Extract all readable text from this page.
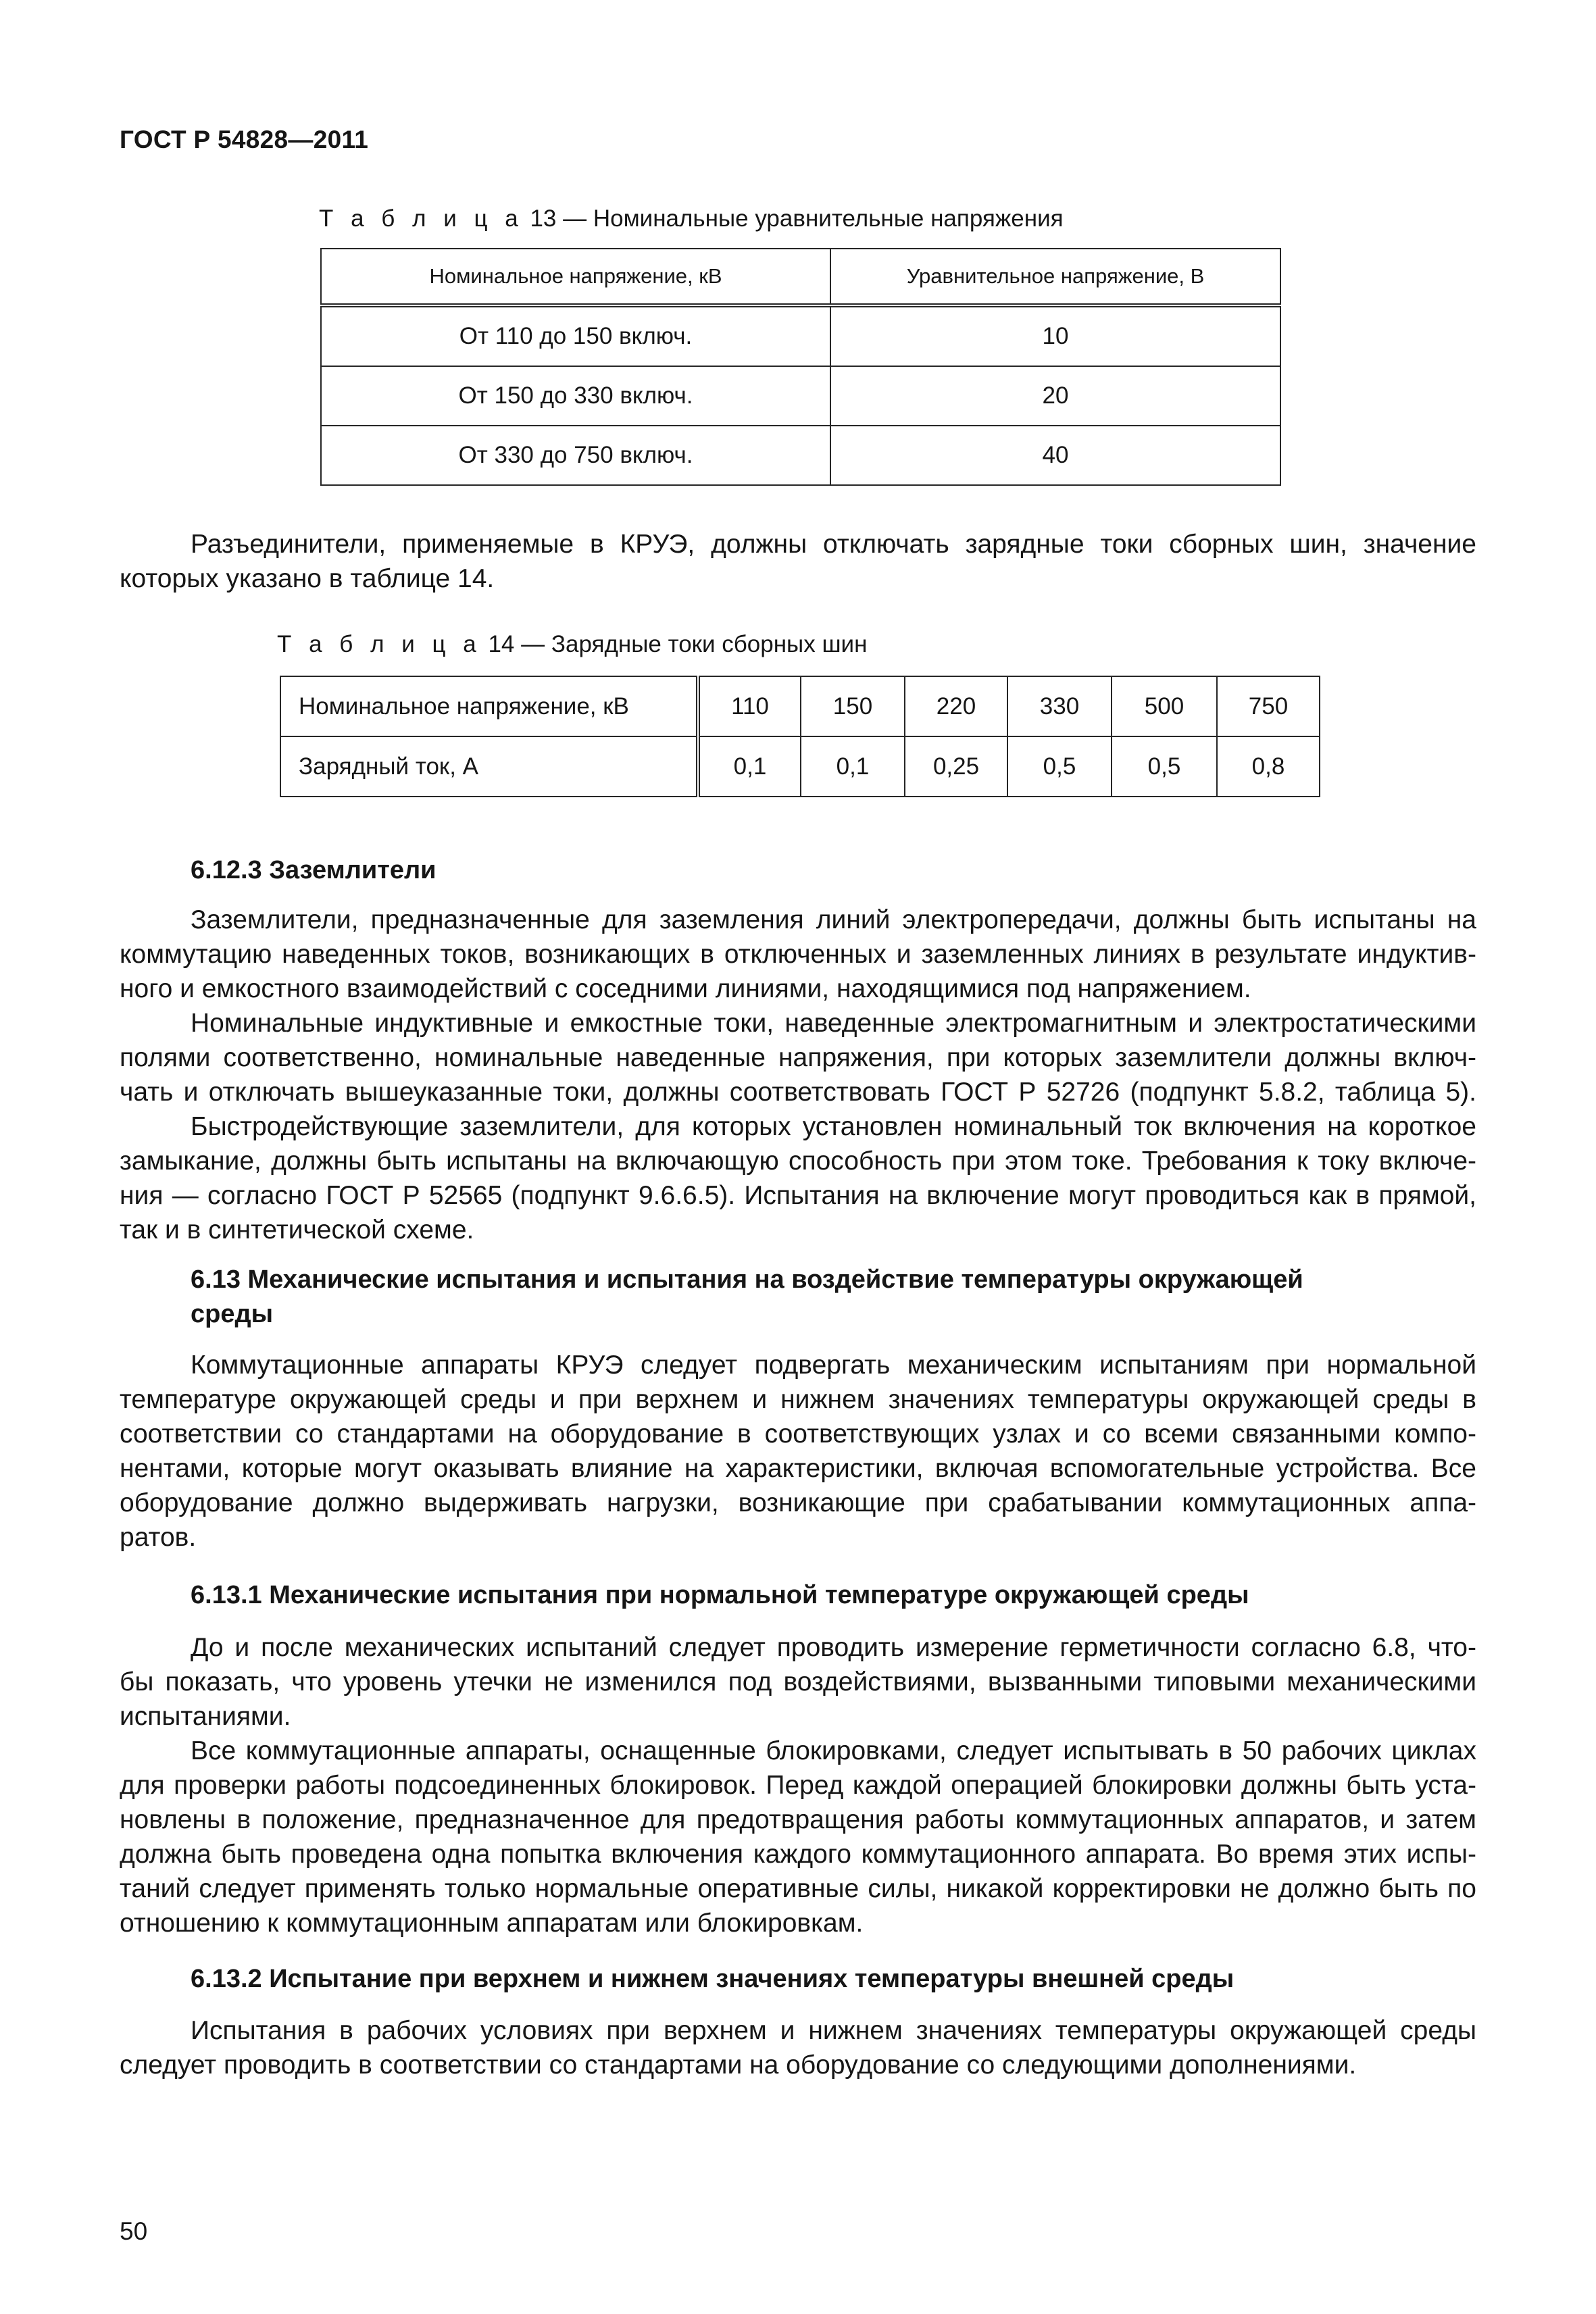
ГОСТ Р 54828—2011
Т а б л и ц а 13 — Номинальные уравнительные напряжения
Номинальное напряжение, кВ	Уравнительное напряжение, В
От 110 до 150 включ.	10
От 150 до 330 включ.	20
От 330 до 750 включ.	40
Разъединители, применяемые в КРУЭ, должны отключать зарядные токи сборных шин, значение
которых указано в таблице 14.
Т а б л и ц а 14 — Зарядные токи сборных шин
Номинальное напряжение, кВ	110	150	220	330	500	750
Зарядный ток, А	0,1	0,1	0,25	0,5	0,5	0,8
6.12.3 Заземлители
Заземлители, предназначенные для заземления линий электропередачи, должны быть испытаны на
коммутацию наведенных токов, возникающих в отключенных и заземленных линиях в результате индуктив-
ного и емкостного взаимодействий с соседними линиями, находящимися под напряжением.
Номинальные индуктивные и емкостные токи, наведенные электромагнитным и электростатическими
полями соответственно, номинальные наведенные напряжения, при которых заземлители должны включ-
чать и отключать вышеуказанные токи, должны соответствовать ГОСТ Р 52726 (подпункт 5.8.2, таблица 5).
Быстродействующие заземлители, для которых установлен номинальный ток включения на короткое
замыкание, должны быть испытаны на включающую способность при этом токе. Требования к току включе-
ния — согласно ГОСТ Р 52565 (подпункт 9.6.6.5). Испытания на включение могут проводиться как в прямой,
так и в синтетической схеме.
6.13 Механические испытания и испытания на воздействие температуры окружающей
среды
Коммутационные аппараты КРУЭ следует подвергать механическим испытаниям при нормальной
температуре окружающей среды и при верхнем и нижнем значениях температуры окружающей среды в
соответствии со стандартами на оборудование в соответствующих узлах и со всеми связанными компо-
нентами, которые могут оказывать влияние на характеристики, включая вспомогательные устройства. Все
оборудование должно выдерживать нагрузки, возникающие при срабатывании коммутационных аппа-
ратов.
6.13.1 Механические испытания при нормальной температуре окружающей среды
До и после механических испытаний следует проводить измерение герметичности согласно 6.8, что-
бы показать, что уровень утечки не изменился под воздействиями, вызванными типовыми механическими
испытаниями.
Все коммутационные аппараты, оснащенные блокировками, следует испытывать в 50 рабочих циклах
для проверки работы подсоединенных блокировок. Перед каждой операцией блокировки должны быть уста-
новлены в положение, предназначенное для предотвращения работы коммутационных аппаратов, и затем
должна быть проведена одна попытка включения каждого коммутационного аппарата. Во время этих испы-
таний следует применять только нормальные оперативные силы, никакой корректировки не должно быть по
отношению к коммутационным аппаратам или блокировкам.
6.13.2 Испытание при верхнем и нижнем значениях температуры внешней среды
Испытания в рабочих условиях при верхнем и нижнем значениях температуры окружающей среды
следует проводить в соответствии со стандартами на оборудование со следующими дополнениями.
50
